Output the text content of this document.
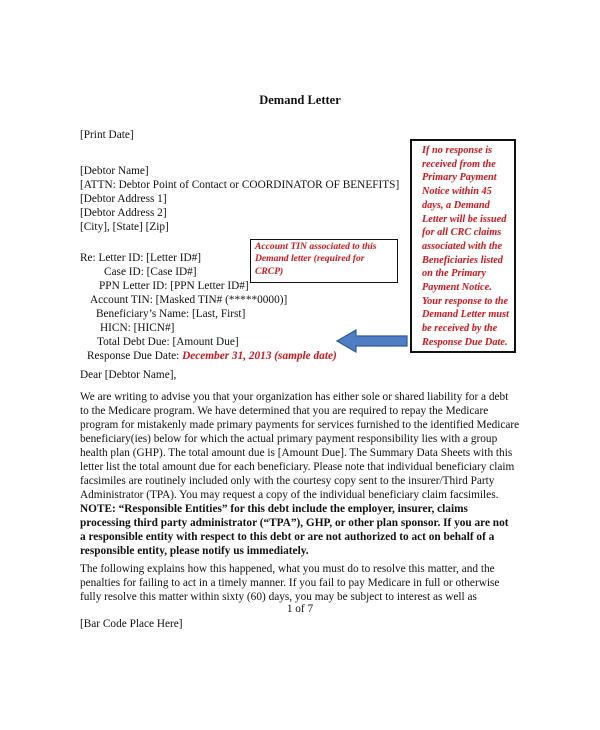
Demand Letter
[Print Date]
[Debtor Name]
[ATTN: Debtor Point of Contact or COORDINATOR OF BENEFITS]
[Debtor Address 1]
[Debtor Address 2]
[City], [State] [Zip]
Re: Letter ID: [Letter ID#]
Case ID: [Case ID#]
PPN Letter ID: [PPN Letter ID#]
Account TIN: [Masked TIN# (*****0000)]
Beneficiary’s Name: [Last, First]
HICN: [HICN#]
Total Debt Due: [Amount Due]
Response Due Date: December 31, 2013 (sample date)
Dear [Debtor Name],
We are writing to advise you that your organization has either sole or shared liability for a debt
to the Medicare program. We have determined that you are required to repay the Medicare
program for mistakenly made primary payments for services furnished to the identified Medicare
beneficiary(ies) below for which the actual primary payment responsibility lies with a group
health plan (GHP). The total amount due is [Amount Due]. The Summary Data Sheets with this
letter list the total amount due for each beneficiary. Please note that individual beneficiary claim
facsimiles are routinely included only with the courtesy copy sent to the insurer/Third Party
Administrator (TPA). You may request a copy of the individual beneficiary claim facsimiles.
NOTE: “Responsible Entities” for this debt include the employer, insurer, claims
processing third party administrator (“TPA”), GHP, or other plan sponsor. If you are not
a responsible entity with respect to this debt or are not authorized to act on behalf of a
responsible entity, please notify us immediately.
The following explains how this happened, what you must do to resolve this matter, and the
penalties for failing to act in a timely manner. If you fail to pay Medicare in full or otherwise
fully resolve this matter within sixty (60) days, you may be subject to interest as well as
1 of 7
[Bar Code Place Here]

If no response is received from the Primary Payment Notice within 45 days, a Demand Letter will be issued for all CRC claims associated with the Beneficiaries listed on the Primary Payment Notice. Your response to the Demand Letter must be received by the Response Due Date.

Account TIN associated to this Demand letter (required for CRCP)
